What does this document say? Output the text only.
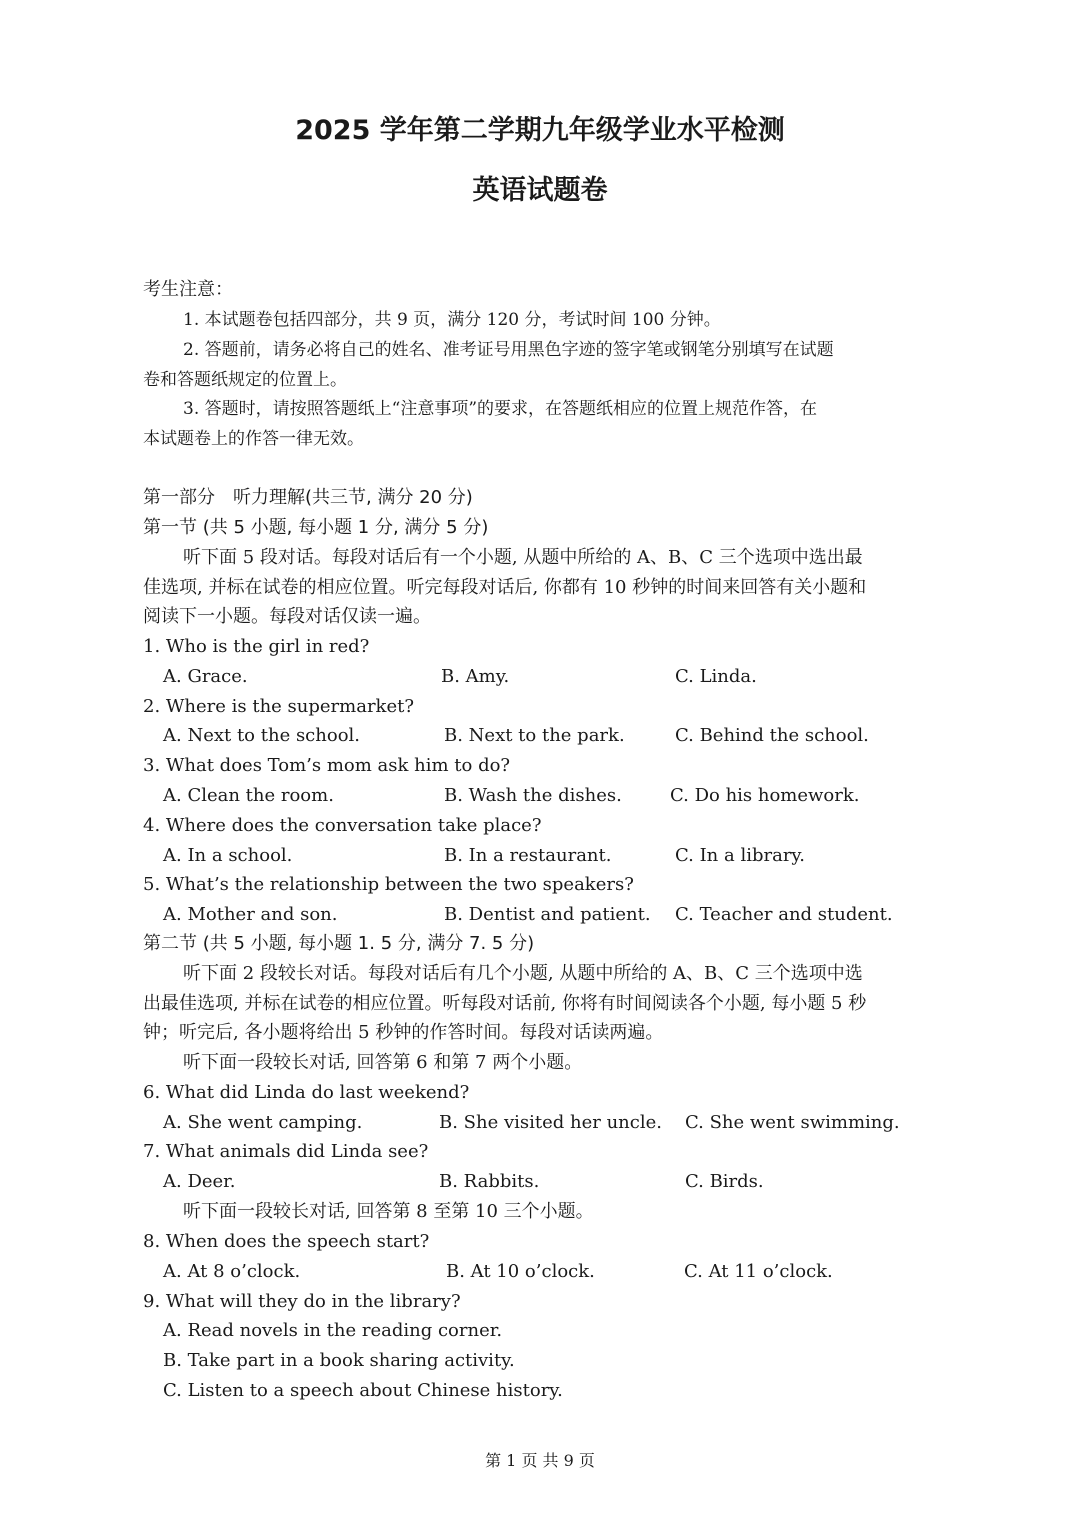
2025 学年第二学期九年级学业水平检测
英语试题卷
考生注意：
1. 本试题卷包括四部分，共 9 页，满分 120 分，考试时间 100 分钟。
2. 答题前，请务必将自己的姓名、准考证号用黑色字迹的签字笔或钢笔分别填写在试题
卷和答题纸规定的位置上。
3. 答题时，请按照答题纸上“注意事项”的要求，在答题纸相应的位置上规范作答，在
本试题卷上的作答一律无效。
第一部分　听力理解(共三节, 满分 20 分)
第一节 (共 5 小题, 每小题 1 分, 满分 5 分)
听下面 5 段对话。每段对话后有一个小题, 从题中所给的 A、B、C 三个选项中选出最
佳选项, 并标在试卷的相应位置。听完每段对话后, 你都有 10 秒钟的时间来回答有关小题和
阅读下一小题。每段对话仅读一遍。
1. Who is the girl in red?
A. Grace.	B. Amy.	C. Linda.
2. Where is the supermarket?
A. Next to the school.	B. Next to the park.	C. Behind the school.
3. What does Tom’s mom ask him to do?
A. Clean the room.	B. Wash the dishes.	C. Do his homework.
4. Where does the conversation take place?
A. In a school.	B. In a restaurant.	C. In a library.
5. What’s the relationship between the two speakers?
A. Mother and son.	B. Dentist and patient. C. Teacher and student.
第二节 (共 5 小题, 每小题 1. 5 分, 满分 7. 5 分)
听下面 2 段较长对话。每段对话后有几个小题, 从题中所给的 A、B、C 三个选项中选
出最佳选项, 并标在试卷的相应位置。听每段对话前, 你将有时间阅读各个小题, 每小题 5 秒
钟；听完后, 各小题将给出 5 秒钟的作答时间。每段对话读两遍。
听下面一段较长对话, 回答第 6 和第 7 两个小题。
6. What did Linda do last weekend?
A. She went camping.	B. She visited her uncle. C. She went swimming.
7. What animals did Linda see?
A. Deer.	B. Rabbits.	C. Birds.
听下面一段较长对话, 回答第 8 至第 10 三个小题。
8. When does the speech start?
A. At 8 o’clock.	B. At 10 o’clock.	C. At 11 o’clock.
9. What will they do in the library?
A. Read novels in the reading corner.
B. Take part in a book sharing activity.
C. Listen to a speech about Chinese history.
第 1 页 共 9 页
